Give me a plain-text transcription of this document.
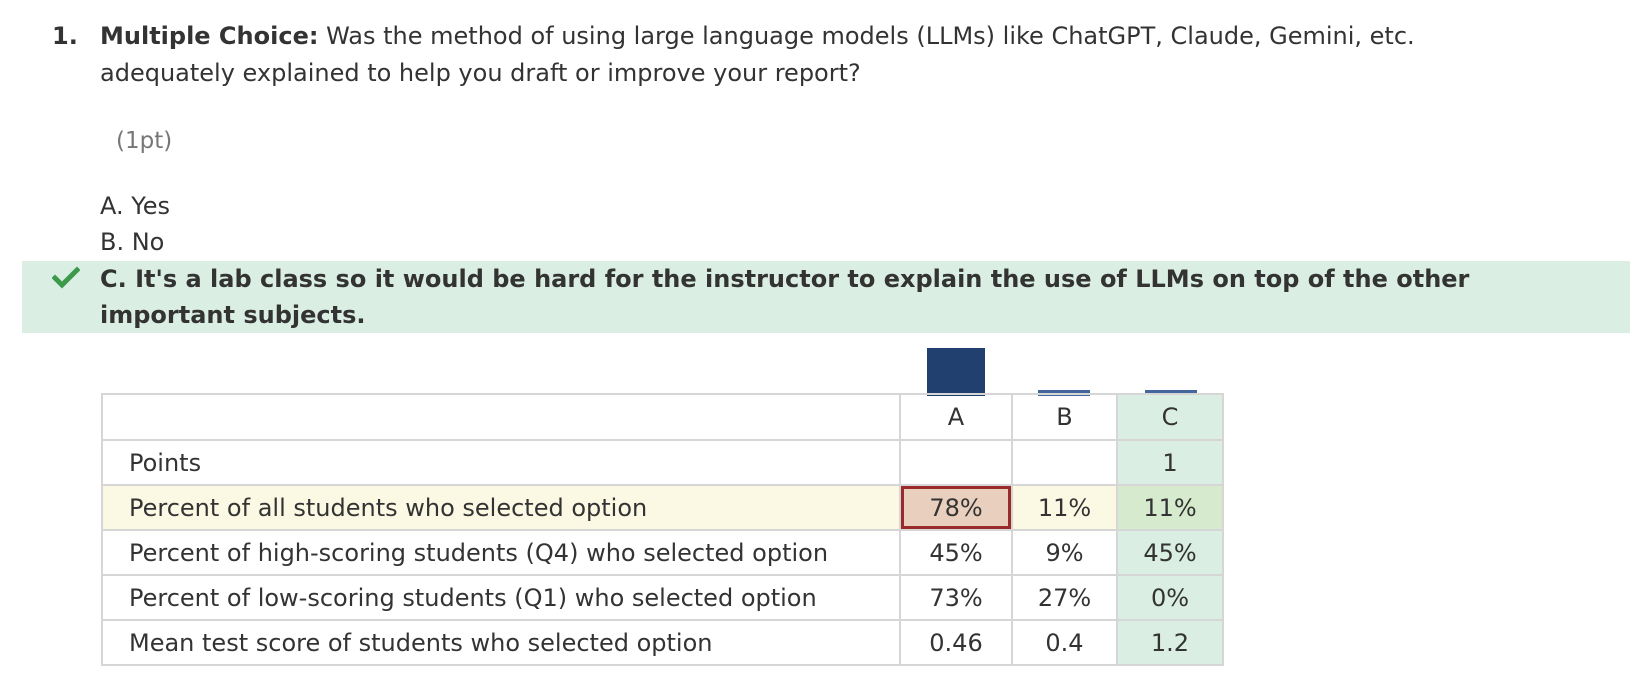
1. Multiple Choice: Was the method of using large language models (LLMs) like ChatGPT, Claude, Gemini, etc. adequately explained to help you draft or improve your report?
(1pt)
A. Yes
B. No
C. It's a lab class so it would be hard for the instructor to explain the use of LLMs on top of the other important subjects.
	A	B	C
Points			1
Percent of all students who selected option	78%	11%	11%
Percent of high-scoring students (Q4) who selected option	45%	9%	45%
Percent of low-scoring students (Q1) who selected option	73%	27%	0%
Mean test score of students who selected option	0.46	0.4	1.2
